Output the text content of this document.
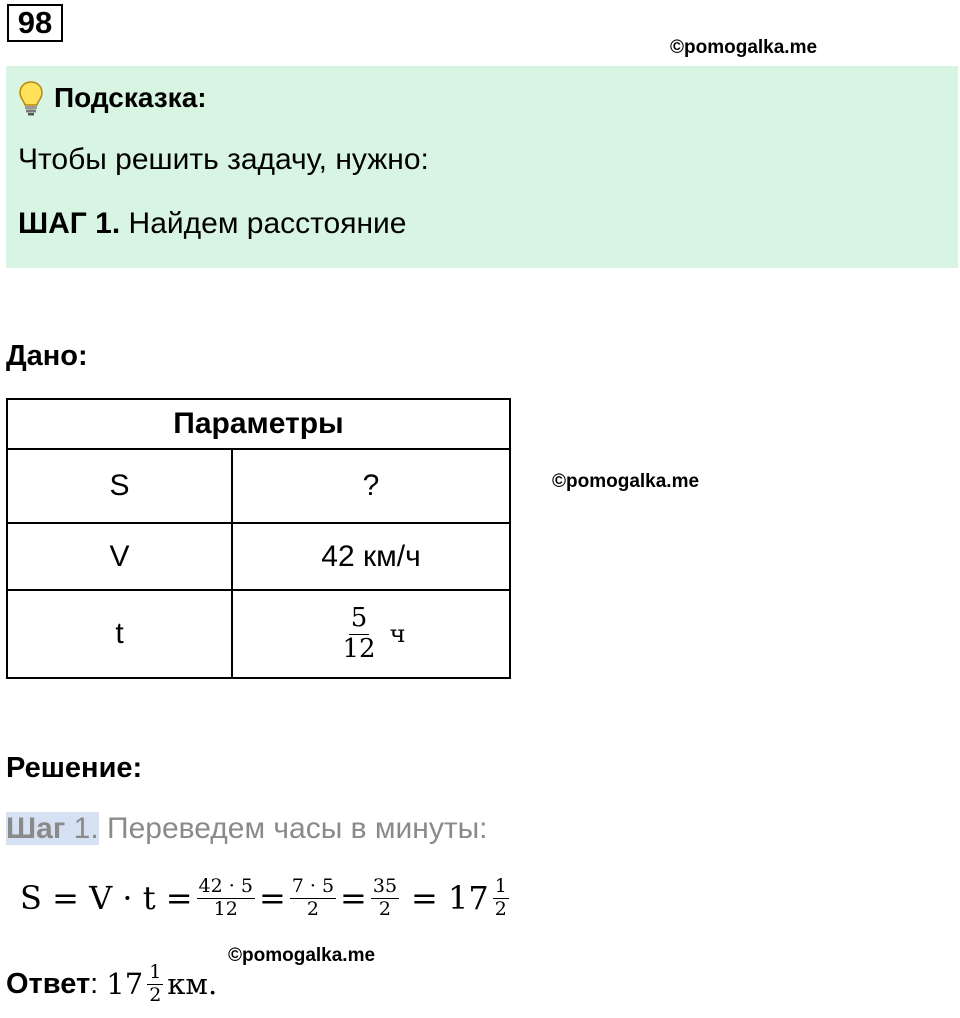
98
©pomogalka.me
Подсказка:
Чтобы решить задачу, нужно:
ШАГ 1. Найдем расстояние
Дано:
Параметры	
S	?
V	42 км/ч
t	$\frac{5}{12}$ ч
©pomogalka.me
Решение:
Шаг 1. Переведем часы в минуты:
$S = V \cdot t = \frac{42 \cdot 5}{12} = \frac{7 \cdot 5}{2} = \frac{35}{2} = 17 \frac{1}{2}$
©pomogalka.me
Ответ : $17 \frac{1}{2}$ км.
